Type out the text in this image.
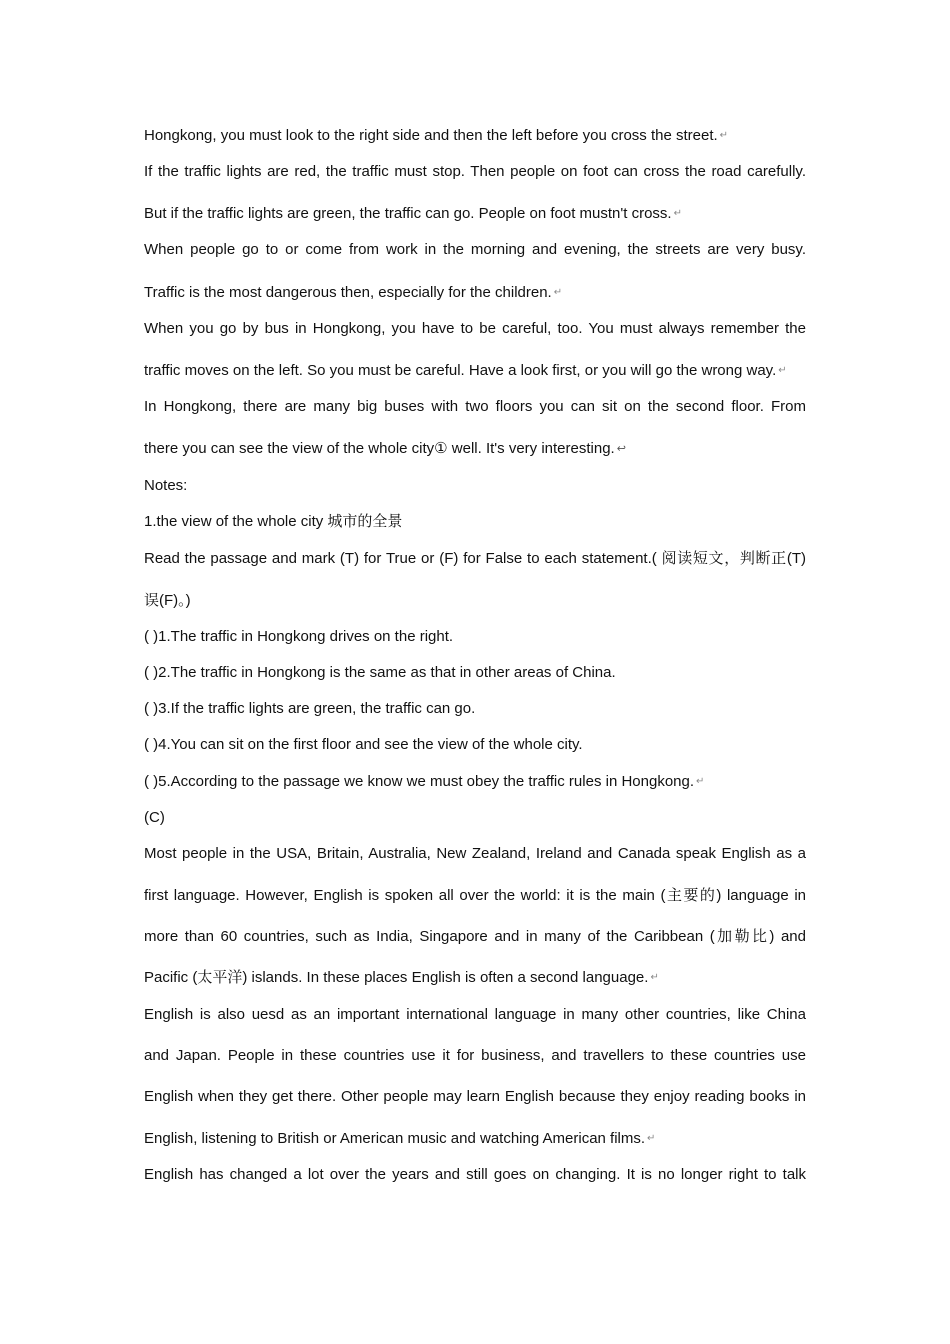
Hongkong, you must look to the right side and then the left before you cross the street. ↵
If the traffic lights are red, the traffic must stop. Then people on foot can cross the road carefully.
But if the traffic lights are green, the traffic can go. People on foot mustn't cross. ↵
When people go to or come from work in the morning and evening, the streets are very busy.
Traffic is the most dangerous then, especially for the children. ↵
When you go by bus in Hongkong, you have to be careful, too. You must always remember the
traffic moves on the left. So you must be careful. Have a look first, or you will go the wrong way. ↵
In Hongkong, there are many big buses with two floors you can sit on the second floor. From
there you can see the view of the whole city① well. It's very interesting. ↩
Notes:
1.the view of the whole city 城市的全景
Read the passage and mark (T) for True or (F) for False to each statement.( 阅读短文，判断正(T)
误(F)。)
( )1.The traffic in Hongkong drives on the right.
( )2.The traffic in Hongkong is the same as that in other areas of China.
( )3.If the traffic lights are green, the traffic can go.
( )4.You can sit on the first floor and see the view of the whole city.
( )5.According to the passage we know we must obey the traffic rules in Hongkong. ↵
(C)
Most people in the USA, Britain, Australia, New Zealand, Ireland and Canada speak English as a
first language. However, English is spoken all over the world: it is the main (主要的) language in
more than 60 countries, such as India, Singapore and in many of the Caribbean (加勒比) and
Pacific (太平洋) islands. In these places English is often a second language. ↵
English is also uesd as an important international language in many other countries, like China
and Japan. People in these countries use it for business, and travellers to these countries use
English when they get there. Other people may learn English because they enjoy reading books in
English, listening to British or American music and watching American films. ↵
English has changed a lot over the years and still goes on changing. It is no longer right to talk
